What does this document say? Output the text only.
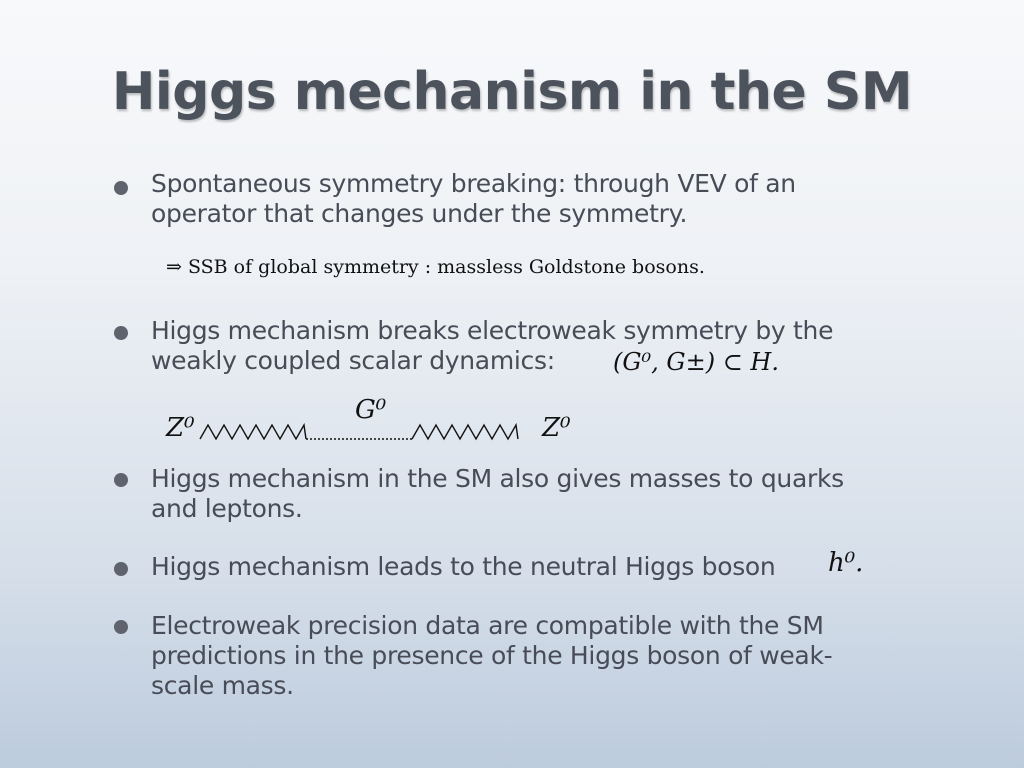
Higgs mechanism in the SM
Spontaneous symmetry breaking: through VEV of an operator that changes under the symmetry.
⇒ SSB of global symmetry : massless Goldstone bosons.
Higgs mechanism breaks electroweak symmetry by the weakly coupled scalar dynamics:	(G⁰, G±) ⊂ H.
Z⁰
G⁰
Z⁰
Higgs mechanism in the SM also gives masses to quarks and leptons.
Higgs mechanism leads to the neutral Higgs boson	h⁰.
Electroweak precision data are compatible with the SM predictions in the presence of the Higgs boson of weak-scale mass.
